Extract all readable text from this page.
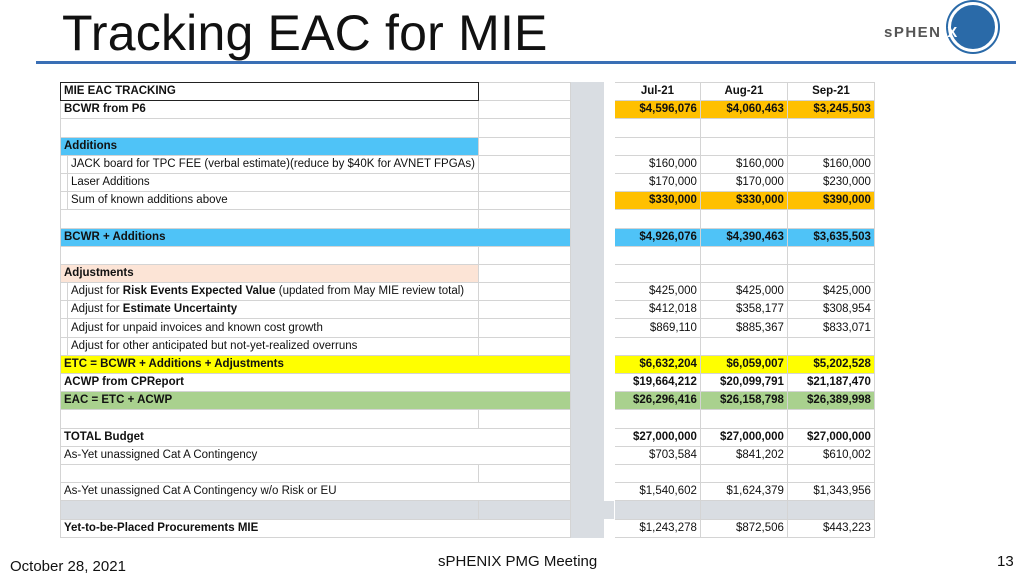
Tracking EAC for MIE	sPHENIX
MIE EAC TRACKING					Jul-21	Aug-21	Sep-21
BCWR from P6					$4,596,076	$4,060,463	$3,245,503

Additions							
	JACK board for TPC FEE (verbal estimate)(reduce by $40K for AVNET FPGAs)				$160,000	$160,000	$160,000
	Laser Additions				$170,000	$170,000	$230,000
	Sum of known additions above				$330,000	$330,000	$390,000

BCWR + Additions					$4,926,076	$4,390,463	$3,635,503

Adjustments							
	Adjust for Risk Events Expected Value (updated from May MIE review total)				$425,000	$425,000	$425,000
	Adjust for Estimate Uncertainty				$412,018	$358,177	$308,954
	Adjust for unpaid invoices and known cost growth				$869,110	$885,367	$833,071
	Adjust for other anticipated but not-yet-realized overruns						
ETC = BCWR + Additions + Adjustments					$6,632,204	$6,059,007	$5,202,528
ACWP from CPReport					$19,664,212	$20,099,791	$21,187,470
EAC = ETC + ACWP					$26,296,416	$26,158,798	$26,389,998

TOTAL Budget					$27,000,000	$27,000,000	$27,000,000
As-Yet unassigned Cat A Contingency					$703,584	$841,202	$610,002

As-Yet unassigned Cat A Contingency w/o Risk or EU					$1,540,602	$1,624,379	$1,343,956

Yet-to-be-Placed Procurements MIE					$1,243,278	$872,506	$443,223
October 28, 2021	sPHENIX PMG Meeting	13
